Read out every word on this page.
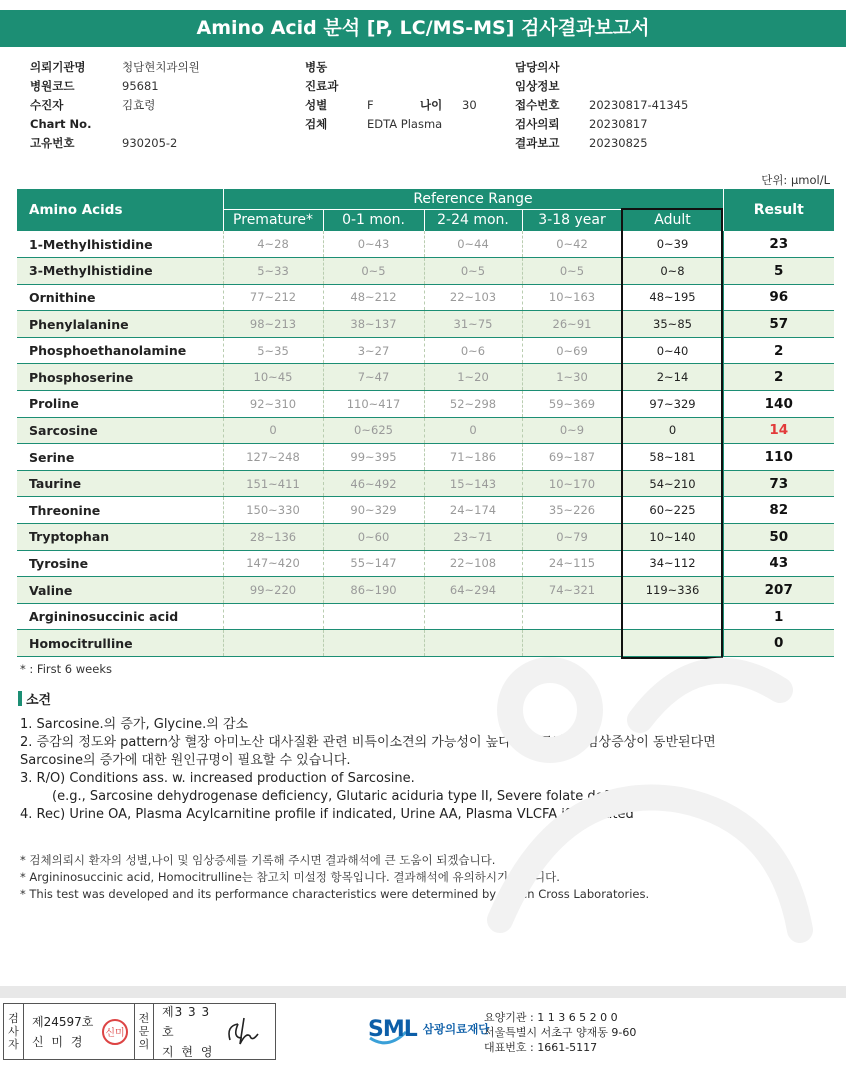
Amino Acid 분석 [P, LC/MS-MS] 검사결과보고서
의뢰기관명	청담현치과의원
병원코드	95681
수진자	김효령
Chart No.
고유번호	930205-2
병동
진료과
성별	F
검체	EDTA Plasma
나이	30
담당의사
임상정보
접수번호	20230817-41345
검사의뢰	20230817
결과보고	20230825
단위: μmol/L
Amino Acids	Reference Range					Result
	Premature*	0-1 mon.	2-24 mon.	3-18 year	Adult	
1-Methylhistidine	4~28	0~43	0~44	0~42	0~39	23
3-Methylhistidine	5~33	0~5	0~5	0~5	0~8	5
Ornithine	77~212	48~212	22~103	10~163	48~195	96
Phenylalanine	98~213	38~137	31~75	26~91	35~85	57
Phosphoethanolamine	5~35	3~27	0~6	0~69	0~40	2
Phosphoserine	10~45	7~47	1~20	1~30	2~14	2
Proline	92~310	110~417	52~298	59~369	97~329	140
Sarcosine	0	0~625	0	0~9	0	14
Serine	127~248	99~395	71~186	69~187	58~181	110
Taurine	151~411	46~492	15~143	10~170	54~210	73
Threonine	150~330	90~329	24~174	35~226	60~225	82
Tryptophan	28~136	0~60	23~71	0~79	10~140	50
Tyrosine	147~420	55~147	22~108	24~115	34~112	43
Valine	99~220	86~190	64~294	74~321	119~336	207
Argininosuccinic acid						1
Homocitrulline						0
* : First 6 weeks
소견
1. Sarcosine.의 증가, Glycine.의 감소
2. 증감의 정도와 pattern상 혈장 아미노산 대사질환 관련 비특이소견의 가능성이 높다고 사료되나, 임상증상이 동반된다면
Sarcosine의 증가에 대한 원인규명이 필요할 수 있습니다.
3. R/O) Conditions ass. w. increased production of Sarcosine.
(e.g., Sarcosine dehydrogenase deficiency, Glutaric aciduria type II, Severe folate deficiency, etc.)
4. Rec) Urine OA, Plasma Acylcarnitine profile if indicated, Urine AA, Plasma VLCFA if indicated
* 검체의뢰시 환자의 성별,나이 및 임상증세를 기록해 주시면 결과해석에 큰 도움이 되겠습니다.
* Argininosuccinic acid, Homocitrulline는 참고치 미설정 항목입니다. 결과해석에 유의하시기 바랍니다.
* This test was developed and its performance characteristics were determined by Green Cross Laboratories.
검
사
자
제24597호
신 미 경
신미
전
문
의
제3 3 3 호
지 현 영
SML 삼광의료재단
요양기관 : 1 1 3 6 5 2 0 0
서울특별시 서초구 양재동 9-60
대표번호 : 1661-5117
